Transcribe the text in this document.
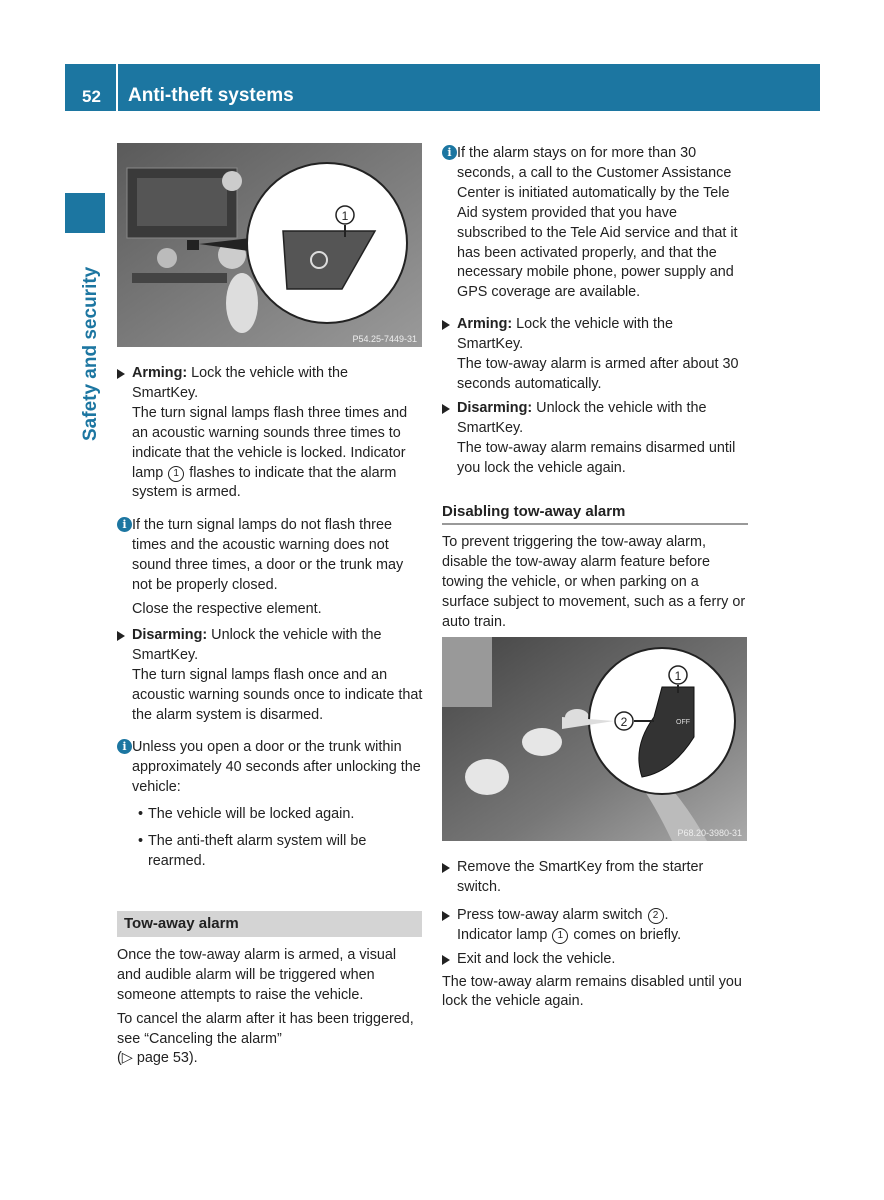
52 Anti-theft systems
Safety and security
1
P54.25-7449-31

Arming: Lock the vehicle with the

SmartKey.

The turn signal lamps flash three times and an acoustic warning sounds three times to indicate that the vehicle is locked. Indicator lamp 1 flashes to indicate that the alarm system is armed.

i If the turn signal lamps do not flash three times and the acoustic warning does not sound three times, a door or the trunk may not be properly closed.

Close the respective element.

Disarming: Unlock the vehicle with the

SmartKey.

The turn signal lamps flash once and an acoustic warning sounds once to indicate that the alarm system is disarmed.

i Unless you open a door or the trunk within approximately 40 seconds after unlocking the vehicle:

• The vehicle will be locked again.

• The anti-theft alarm system will be rearmed.

Tow-away alarm

Once the tow-away alarm is armed, a visual and audible alarm will be triggered when someone attempts to raise the vehicle.

To cancel the alarm after it has been triggered, see “Canceling the alarm”

(▷ page 53).

i If the alarm stays on for more than 30 seconds, a call to the Customer Assistance Center is initiated automatically by the Tele Aid system provided that you have subscribed to the Tele Aid service and that it has been activated properly, and that the necessary mobile phone, power supply and GPS coverage are available.

Arming: Lock the vehicle with the

SmartKey.

The tow-away alarm is armed after about 30 seconds automatically.

Disarming: Unlock the vehicle with the

SmartKey.

The tow-away alarm remains disarmed until you lock the vehicle again.

Disabling tow-away alarm

To prevent triggering the tow-away alarm, disable the tow-away alarm feature before towing the vehicle, or when parking on a surface subject to movement, such as a ferry or auto train.

OFF
1
2
P68.20-3980-31

Remove the SmartKey from the starter switch.

Press tow-away alarm switch 2 .

Indicator lamp 1 comes on briefly.

Exit and lock the vehicle.

The tow-away alarm remains disabled until you lock the vehicle again.
